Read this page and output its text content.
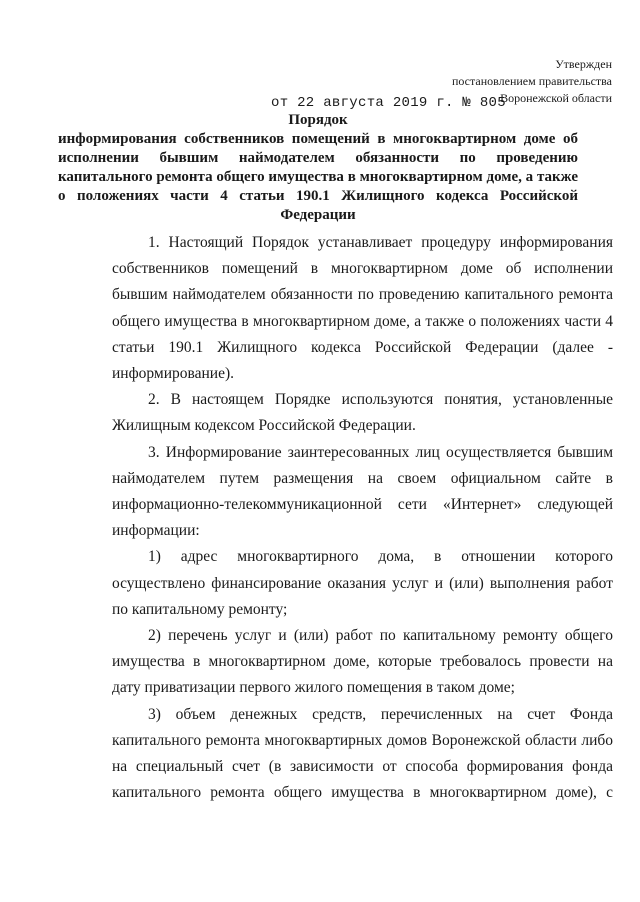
Утвержден
постановлением правительства
Воронежской области
от 22 августа 2019 г. № 805
Порядок
информирования собственников помещений в многоквартирном доме об исполнении бывшим наймодателем обязанности по проведению капитального ремонта общего имущества в многоквартирном доме, а также о положениях части 4 статьи 190.1 Жилищного кодекса Российской Федерации

1. Настоящий Порядок устанавливает процедуру информирования собственников помещений в многоквартирном доме об исполнении бывшим наймодателем обязанности по проведению капитального ремонта общего имущества в многоквартирном доме, а также о положениях части 4 статьи 190.1 Жилищного кодекса Российской Федерации (далее - информирование).

2. В настоящем Порядке используются понятия, установленные Жилищным кодексом Российской Федерации.

3. Информирование заинтересованных лиц осуществляется бывшим наймодателем путем размещения на своем официальном сайте в информационно-телекоммуникационной сети «Интернет» следующей информации:

1) адрес многоквартирного дома, в отношении которого осуществлено финансирование оказания услуг и (или) выполнения работ по капитальному ремонту;

2) перечень услуг и (или) работ по капитальному ремонту общего имущества в многоквартирном доме, которые требовалось провести на дату приватизации первого жилого помещения в таком доме;

3) объем денежных средств, перечисленных на счет Фонда капитального ремонта многоквартирных домов Воронежской области либо на специальный счет (в зависимости от способа формирования фонда капитального ремонта общего имущества в многоквартирном доме), с
